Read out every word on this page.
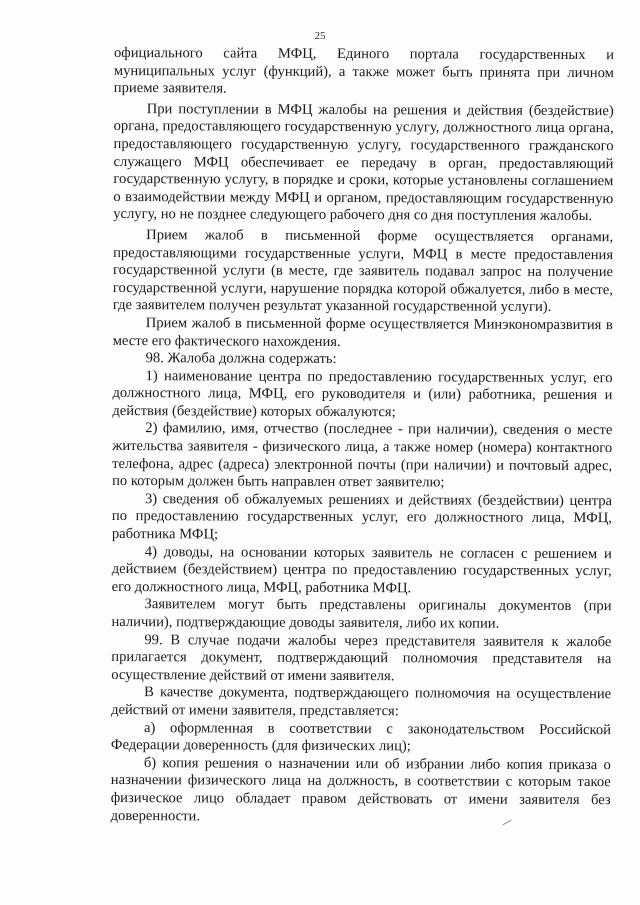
25

официального сайта МФЦ, Единого портала государственных и муниципальных услуг (функций), а также может быть принята при личном приеме заявителя.

При поступлении в МФЦ жалобы на решения и действия (бездействие) органа, предоставляющего государственную услугу, должностного лица органа, предоставляющего государственную услугу, государственного гражданского служащего МФЦ обеспечивает ее передачу в орган, предоставляющий государственную услугу, в порядке и сроки, которые установлены соглашением о взаимодействии между МФЦ и органом, предоставляющим государственную услугу, но не позднее следующего рабочего дня со дня поступления жалобы.

Прием жалоб в письменной форме осуществляется органами, предоставляющими государственные услуги, МФЦ в месте предоставления государственной услуги (в месте, где заявитель подавал запрос на получение государственной услуги, нарушение порядка которой обжалуется, либо в месте, где заявителем получен результат указанной государственной услуги).

Прием жалоб в письменной форме осуществляется Минэкономразвития в месте его фактического нахождения.

98. Жалоба должна содержать:

1) наименование центра по предоставлению государственных услуг, его должностного лица, МФЦ, его руководителя и (или) работника, решения и действия (бездействие) которых обжалуются;

2) фамилию, имя, отчество (последнее - при наличии), сведения о месте жительства заявителя - физического лица, а также номер (номера) контактного телефона, адрес (адреса) электронной почты (при наличии) и почтовый адрес, по которым должен быть направлен ответ заявителю;

3) сведения об обжалуемых решениях и действиях (бездействии) центра по предоставлению государственных услуг, его должностного лица, МФЦ, работника МФЦ;

4) доводы, на основании которых заявитель не согласен с решением и действием (бездействием) центра по предоставлению государственных услуг, его должностного лица, МФЦ, работника МФЦ.

Заявителем могут быть представлены оригиналы документов (при наличии), подтверждающие доводы заявителя, либо их копии.

99. В случае подачи жалобы через представителя заявителя к жалобе прилагается документ, подтверждающий полномочия представителя на осуществление действий от имени заявителя.

В качестве документа, подтверждающего полномочия на осуществление действий от имени заявителя, представляется:

а) оформленная в соответствии с законодательством Российской Федерации доверенность (для физических лиц);

б) копия решения о назначении или об избрании либо копия приказа о назначении физического лица на должность, в соответствии с которым такое физическое лицо обладает правом действовать от имени заявителя без доверенности.
